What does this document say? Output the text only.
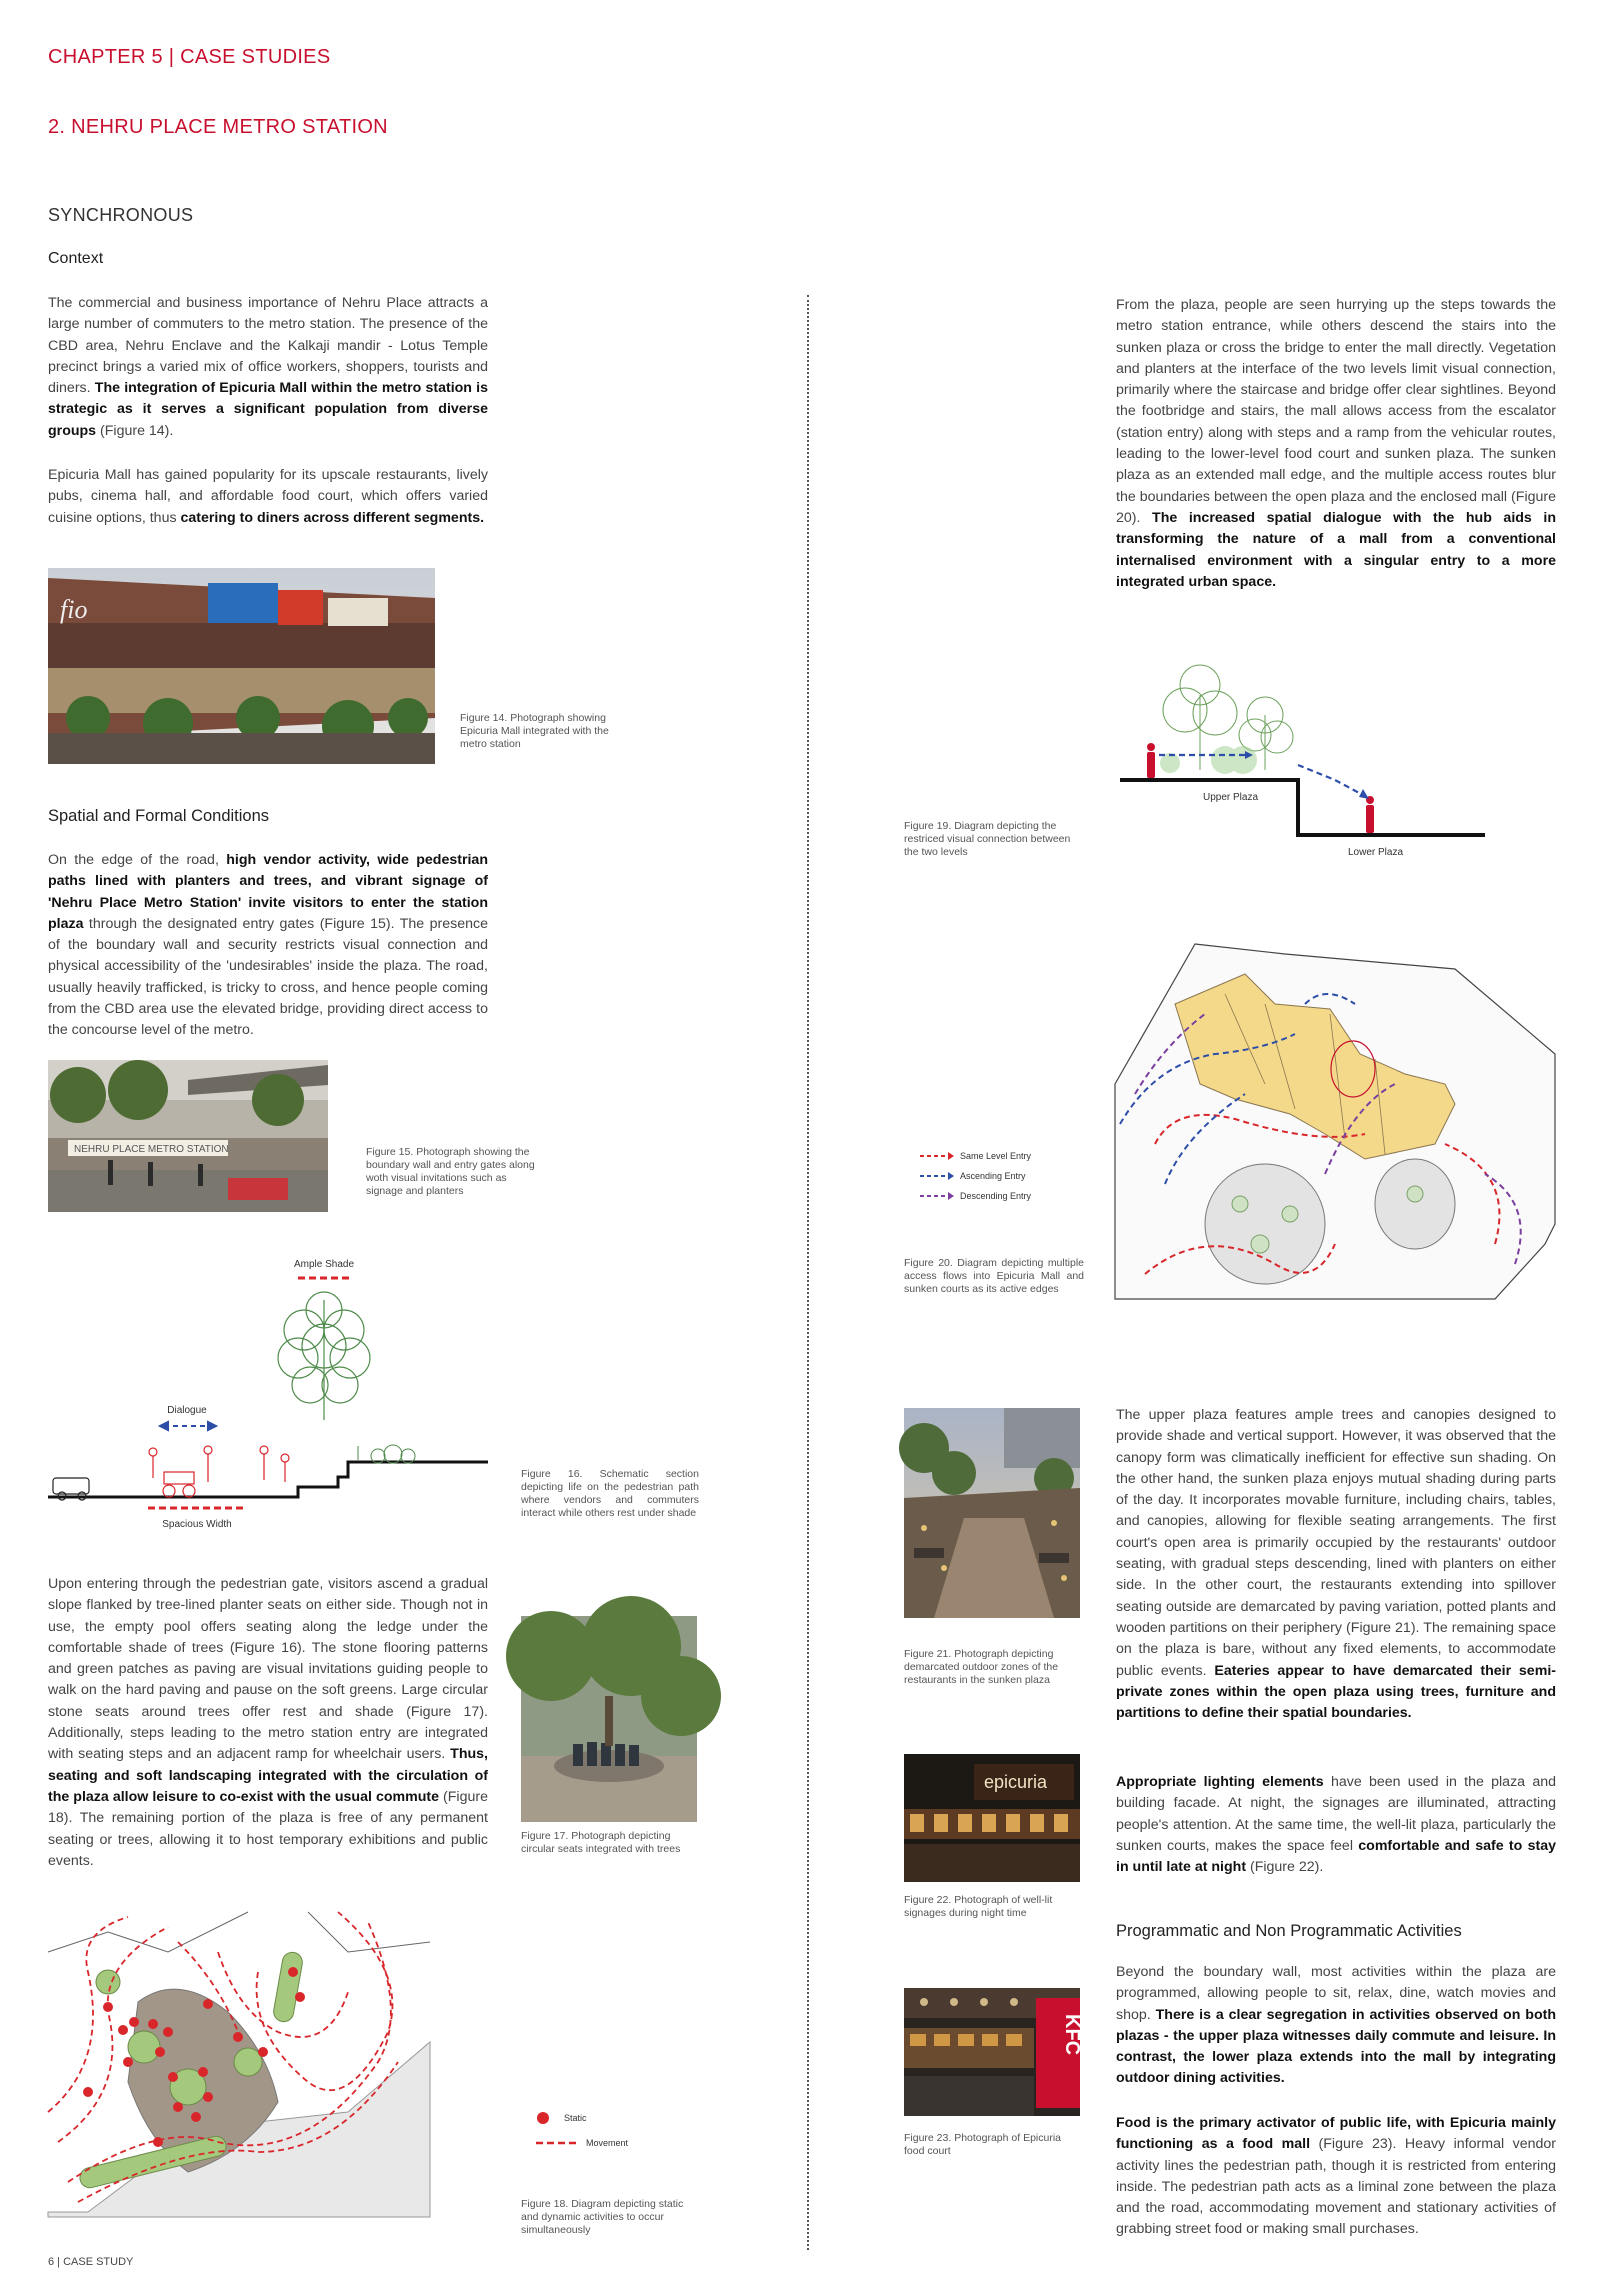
CHAPTER 5 | CASE STUDIES
2. NEHRU PLACE METRO STATION
SYNCHRONOUS
Context

The commercial and business importance of Nehru Place attracts a large number of commuters to the metro station. The presence of the CBD area, Nehru Enclave and the Kalkaji mandir - Lotus Temple precinct brings a varied mix of office workers, shoppers, tourists and diners. The integration of Epicuria Mall within the metro station is strategic as it serves a significant population from diverse groups (Figure 14).

Epicuria Mall has gained popularity for its upscale restaurants, lively pubs, cinema hall, and affordable food court, which offers varied cuisine options, thus catering to diners across different segments.

fio

Figure 14. Photograph showing Epicuria Mall integrated with the metro station

Spatial and Formal Conditions

On the edge of the road, high vendor activity, wide pedestrian paths lined with planters and trees, and vibrant signage of 'Nehru Place Metro Station' invite visitors to enter the station plaza through the designated entry gates (Figure 15). The presence of the boundary wall and security restricts visual connection and physical accessibility of the 'undesirables' inside the plaza. The road, usually heavily trafficked, is tricky to cross, and hence people coming from the CBD area use the elevated bridge, providing direct access to the concourse level of the metro.

NEHRU PLACE METRO STATION	Figure 15. Photograph showing the boundary wall and entry gates along woth visual invitations such as signage and planters

Ample Shade
Dialogue
Spacious Width

Figure 16. Schematic section depicting life on the pedestrian path where vendors and commuters interact while others rest under shade

Upon entering through the pedestrian gate, visitors ascend a gradual slope flanked by tree-lined planter seats on either side. Though not in use, the empty pool offers seating along the ledge under the comfortable shade of trees (Figure 16). The stone flooring patterns and green patches as paving are visual invitations guiding people to walk on the hard paving and pause on the soft greens. Large circular stone seats around trees offer rest and shade (Figure 17). Additionally, steps leading to the metro station entry are integrated with seating steps and an adjacent ramp for wheelchair users. Thus, seating and soft landscaping integrated with the circulation of the plaza allow leisure to co-exist with the usual commute (Figure 18). The remaining portion of the plaza is free of any permanent seating or trees, allowing it to host temporary exhibitions and public events.

Figure 17. Photograph depicting circular seats integrated with trees

Static
Movement

Figure 18. Diagram depicting static and dynamic activities to occur simultaneously

6 | CASE STUDY

From the plaza, people are seen hurrying up the steps towards the metro station entrance, while others descend the stairs into the sunken plaza or cross the bridge to enter the mall directly. Vegetation and planters at the interface of the two levels limit visual connection, primarily where the staircase and bridge offer clear sightlines. Beyond the footbridge and stairs, the mall allows access from the escalator (station entry) along with steps and a ramp from the vehicular routes, leading to the lower-level food court and sunken plaza. The sunken plaza as an extended mall edge, and the multiple access routes blur the boundaries between the open plaza and the enclosed mall (Figure 20). The increased spatial dialogue with the hub aids in transforming the nature of a mall from a conventional internalised environment with a singular entry to a more integrated urban space.

Upper Plaza
Lower Plaza

Figure 19. Diagram depicting the restriced visual connection between the two levels

Same Level Entry
Ascending Entry
Descending Entry

Figure 20. Diagram depicting multiple access flows into Epicuria Mall and sunken courts as its active edges

Figure 21. Photograph depicting demarcated outdoor zones of the restaurants in the sunken plaza

The upper plaza features ample trees and canopies designed to provide shade and vertical support. However, it was observed that the canopy form was climatically inefficient for effective sun shading. On the other hand, the sunken plaza enjoys mutual shading during parts of the day. It incorporates movable furniture, including chairs, tables, and canopies, allowing for flexible seating arrangements. The first court's open area is primarily occupied by the restaurants' outdoor seating, with gradual steps descending, lined with planters on either side. In the other court, the restaurants extending into spillover seating outside are demarcated by paving variation, potted plants and wooden partitions on their periphery (Figure 21). The remaining space on the plaza is bare, without any fixed elements, to accommodate public events. Eateries appear to have demarcated their semi-private zones within the open plaza using trees, furniture and partitions to define their spatial boundaries.

epicuria

Figure 22. Photograph of well-lit signages during night time

Appropriate lighting elements have been used in the plaza and building facade. At night, the signages are illuminated, attracting people's attention. At the same time, the well-lit plaza, particularly the sunken courts, makes the space feel comfortable and safe to stay in until late at night (Figure 22).

KFC

Figure 23. Photograph of Epicuria food court

Programmatic and Non Programmatic Activities

Beyond the boundary wall, most activities within the plaza are programmed, allowing people to sit, relax, dine, watch movies and shop. There is a clear segregation in activities observed on both plazas - the upper plaza witnesses daily commute and leisure. In contrast, the lower plaza extends into the mall by integrating outdoor dining activities.

Food is the primary activator of public life, with Epicuria mainly functioning as a food mall (Figure 23). Heavy informal vendor activity lines the pedestrian path, though it is restricted from entering inside. The pedestrian path acts as a liminal zone between the plaza and the road, accommodating movement and stationary activities of grabbing street food or making small purchases.
